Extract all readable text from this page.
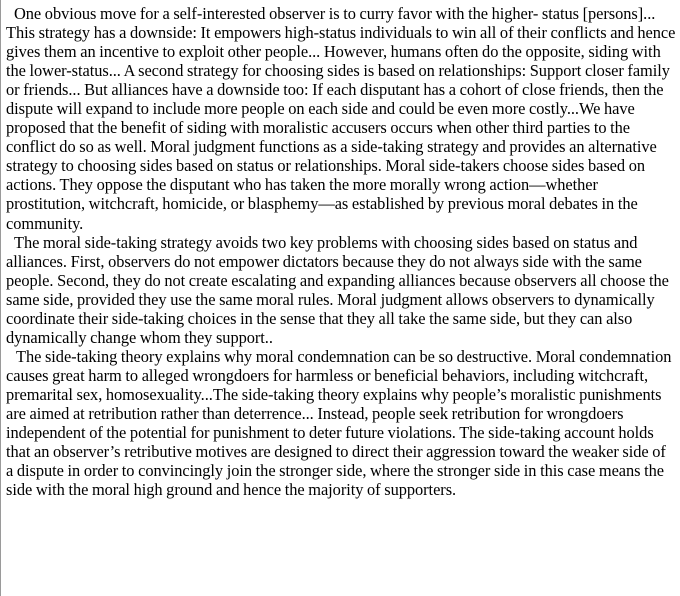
One obvious move for a self-interested observer is to curry favor with the higher- status [persons]... This strategy has a downside: It empowers high-status individuals to win all of their conflicts and hence gives them an incentive to exploit other people... However, humans often do the opposite, siding with the lower-status... A second strategy for choosing sides is based on relationships: Support closer family or friends... But alliances have a downside too: If each disputant has a cohort of close friends, then the dispute will expand to include more people on each side and could be even more costly...We have proposed that the benefit of siding with moralistic accusers occurs when other third parties to the conflict do so as well. Moral judgment functions as a side-taking strategy and provides an alternative strategy to choosing sides based on status or relationships. Moral side-takers choose sides based on actions. They oppose the disputant who has taken the more morally wrong action—whether prostitution, witchcraft, homicide, or blasphemy—as established by previous moral debates in the community.

The moral side-taking strategy avoids two key problems with choosing sides based on status and alliances. First, observers do not empower dictators because they do not always side with the same people. Second, they do not create escalating and expanding alliances because observers all choose the same side, provided they use the same moral rules. Moral judgment allows observers to dynamically coordinate their side-taking choices in the sense that they all take the same side, but they can also dynamically change whom they support..

The side-taking theory explains why moral condemnation can be so destructive. Moral condemnation causes great harm to alleged wrongdoers for harmless or beneficial behaviors, including witchcraft, premarital sex, homosexuality...The side-taking theory explains why people’s moralistic punishments are aimed at retribution rather than deterrence... Instead, people seek retribution for wrongdoers independent of the potential for punishment to deter future violations. The side-taking account holds that an observer’s retributive motives are designed to direct their aggression toward the weaker side of a dispute in order to convincingly join the stronger side, where the stronger side in this case means the side with the moral high ground and hence the majority of supporters.
